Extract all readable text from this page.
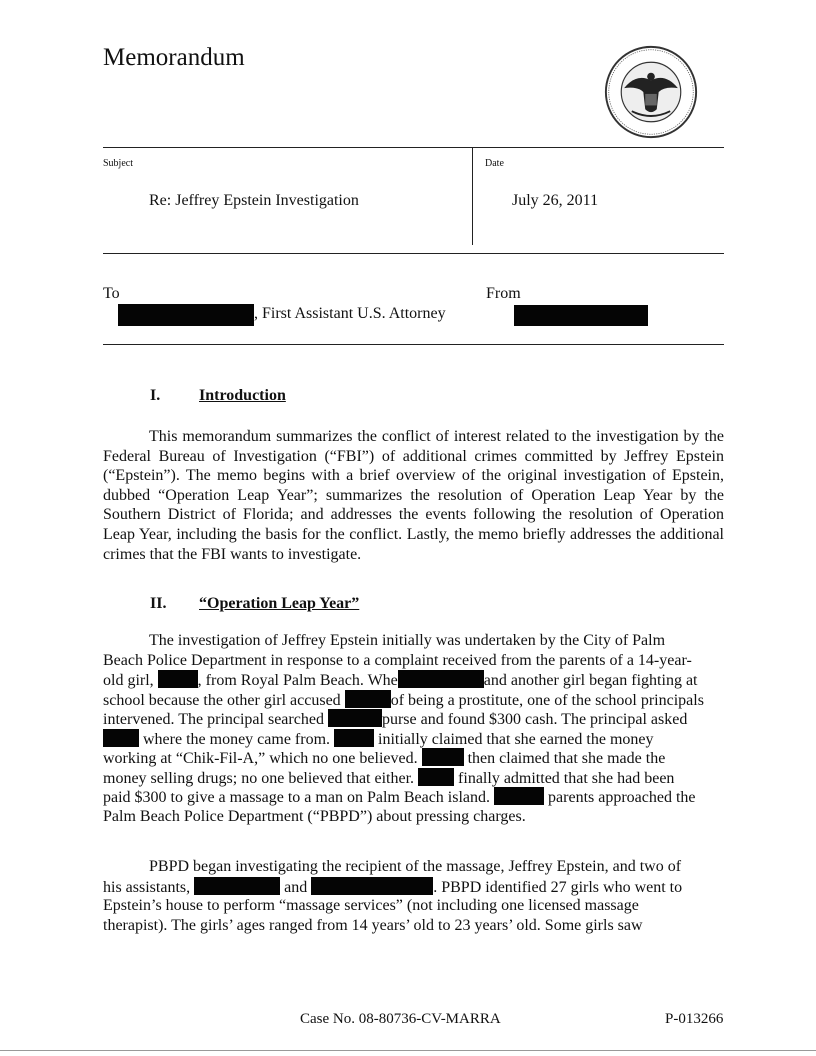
Memorandum
Subject	Date
Re: Jeffrey Epstein Investigation	July 26, 2011
To
, First Assistant U.S. Attorney
From
I. Introduction

This memorandum summarizes the conflict of interest related to the investigation by the Federal Bureau of Investigation (“FBI”) of additional crimes committed by Jeffrey Epstein (“Epstein”). The memo begins with a brief overview of the original investigation of Epstein, dubbed “Operation Leap Year”; summarizes the resolution of Operation Leap Year by the Southern District of Florida; and addresses the events following the resolution of Operation Leap Year, including the basis for the conflict. Lastly, the memo briefly addresses the additional crimes that the FBI wants to investigate.

II. “Operation Leap Year”
The investigation of Jeffrey Epstein initially was undertaken by the City of Palm
Beach Police Department in response to a complaint received from the parents of a 14-year-
old girl,	, from Royal Palm Beach. Whe	and another girl began fighting at
school because the other girl accused	of being a prostitute, one of the school principals
intervened. The principal searched	purse and found $300 cash. The principal asked
where the money came from.	initially claimed that she earned the money
working at “Chik-Fil-A,” which no one believed.	then claimed that she made the
money selling drugs; no one believed that either.	finally admitted that she had been
paid $300 to give a massage to a man on Palm Beach island.	parents approached the
Palm Beach Police Department (“PBPD”) about pressing charges.
PBPD began investigating the recipient of the massage, Jeffrey Epstein, and two of
his assistants,	and	. PBPD identified 27 girls who went to
Epstein’s house to perform “massage services” (not including one licensed massage
therapist). The girls’ ages ranged from 14 years’ old to 23 years’ old. Some girls saw
Case No. 08-80736-CV-MARRA	P-013266
